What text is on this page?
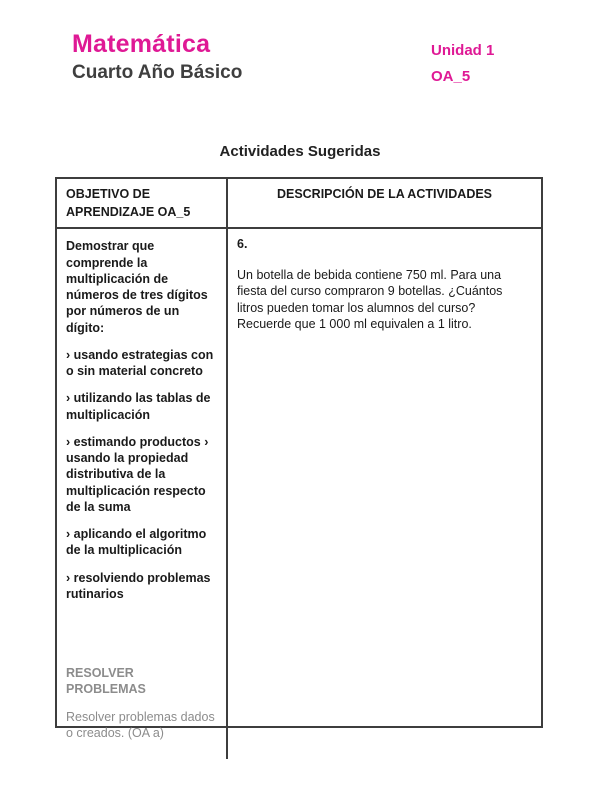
Matemática
Cuarto Año Básico
Unidad 1
OA_5
Actividades Sugeridas
OBJETIVO DE APRENDIZAJE OA_5
DESCRIPCIÓN DE LA ACTIVIDADES

Demostrar que comprende la multiplicación de números de tres dígitos por números de un dígito:

› usando estrategias con o sin material concreto

› utilizando las tablas de multiplicación

› estimando productos › usando la propiedad distributiva de la multiplicación respecto de la suma

› aplicando el algoritmo de la multiplicación

› resolviendo problemas rutinarios

RESOLVER PROBLEMAS

Resolver problemas dados o creados. (OA a)

6.

Un botella de bebida contiene 750 ml. Para una fiesta del curso compraron 9 botellas. ¿Cuántos litros pueden tomar los alumnos del curso? Recuerde que 1 000 ml equivalen a 1 litro.
